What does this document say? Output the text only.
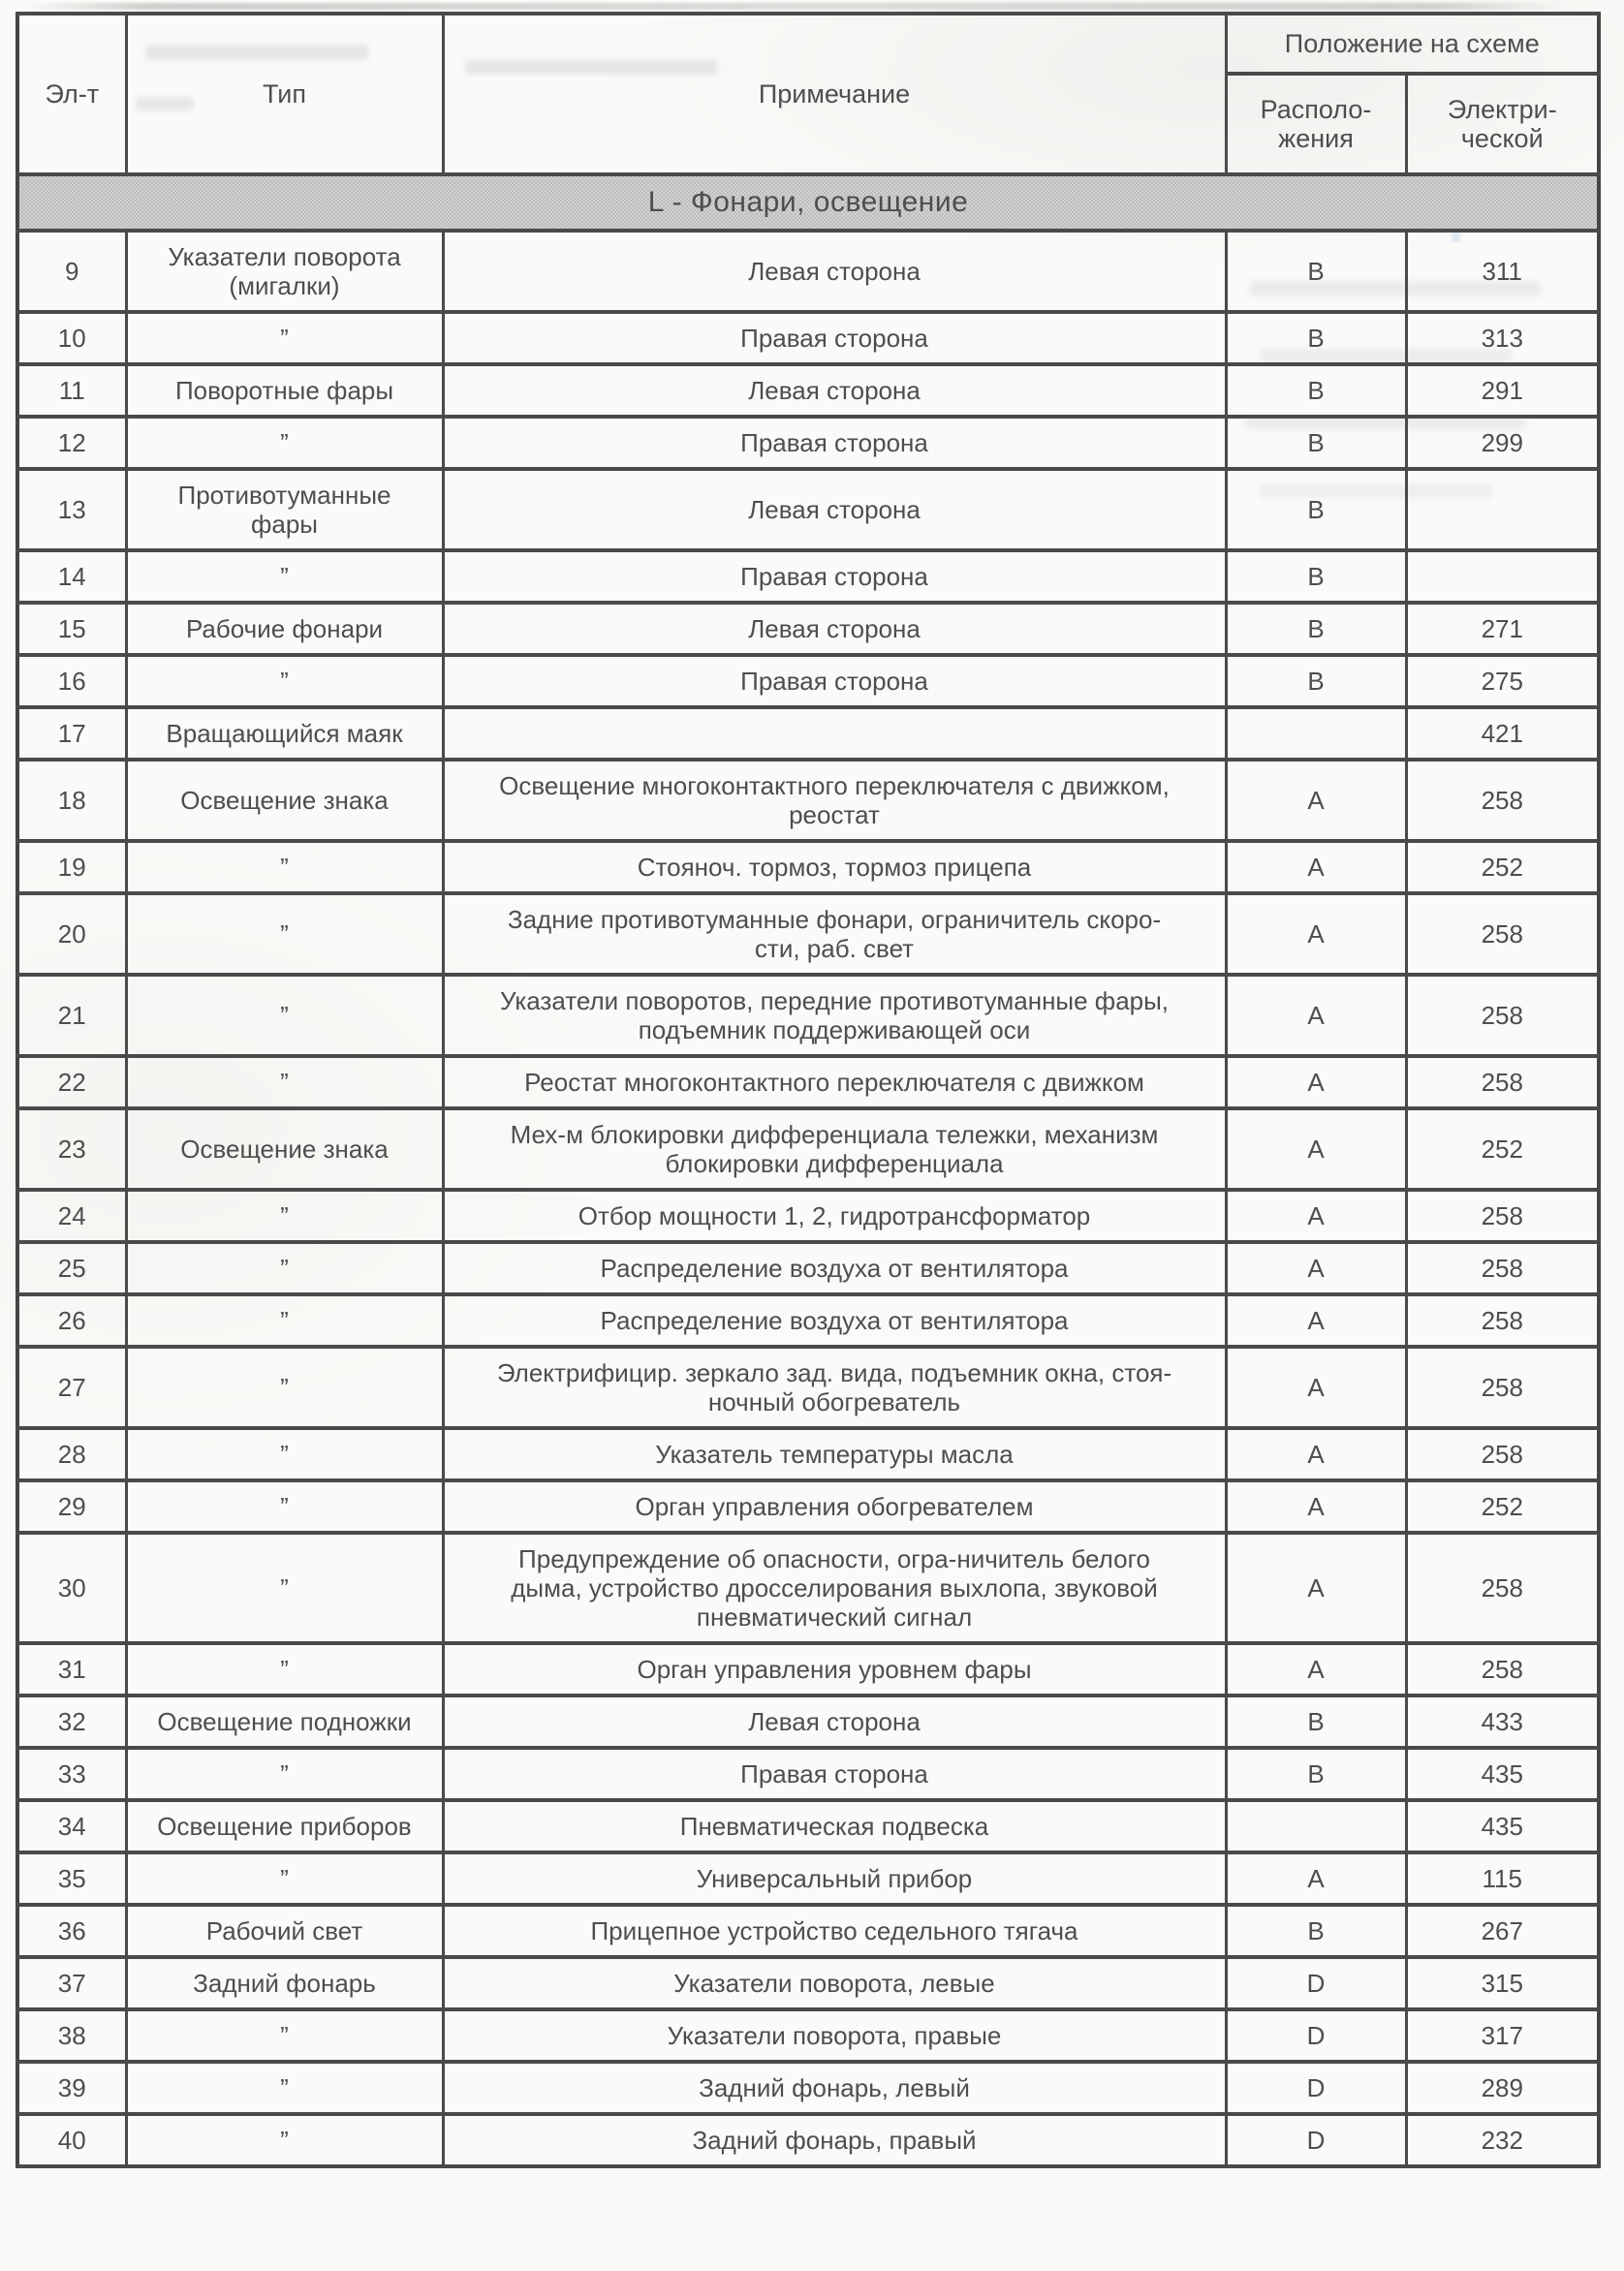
Эл-т	Тип	Примечание	Положение на схеме	
			Располо-
жения	Электри-
ческой
L - Фонари, освещение				
9	Указатели поворота
(мигалки)	Левая сторона	B	311
10	”	Правая сторона	B	313
11	Поворотные фары	Левая сторона	B	291
12	”	Правая сторона	B	299
13	Противотуманные
фары	Левая сторона	B	
14	”	Правая сторона	B	
15	Рабочие фонари	Левая сторона	B	271
16	”	Правая сторона	B	275
17	Вращающийся маяк			421
18	Освещение знака	Освещение многоконтактного переключателя с движком,
реостат	A	258
19	”	Стояноч. тормоз, тормоз прицепа	A	252
20	”	Задние противотуманные фонари, ограничитель скоро-
сти, раб. свет	A	258
21	”	Указатели поворотов, передние противотуманные фары,
подъемник поддерживающей оси	A	258
22	”	Реостат многоконтактного переключателя с движком	A	258
23	Освещение знака	Мех-м блокировки дифференциала тележки, механизм
блокировки дифференциала	A	252
24	”	Отбор мощности 1, 2, гидротрансформатор	A	258
25	”	Распределение воздуха от вентилятора	A	258
26	”	Распределение воздуха от вентилятора	A	258
27	”	Электрифицир. зеркало зад. вида, подъемник окна, стоя-
ночный обогреватель	A	258
28	”	Указатель температуры масла	A	258
29	”	Орган управления обогревателем	A	252
30	”	Предупреждение об опасности, огра-ничитель белого
дыма, устройство дросселирования выхлопа, звуковой
пневматический сигнал	A	258
31	”	Орган управления уровнем фары	A	258
32	Освещение подножки	Левая сторона	B	433
33	”	Правая сторона	B	435
34	Освещение приборов	Пневматическая подвеска		435
35	”	Универсальный прибор	A	115
36	Рабочий свет	Прицепное устройство седельного тягача	B	267
37	Задний фонарь	Указатели поворота, левые	D	315
38	”	Указатели поворота, правые	D	317
39	”	Задний фонарь, левый	D	289
40	”	Задний фонарь, правый	D	232
